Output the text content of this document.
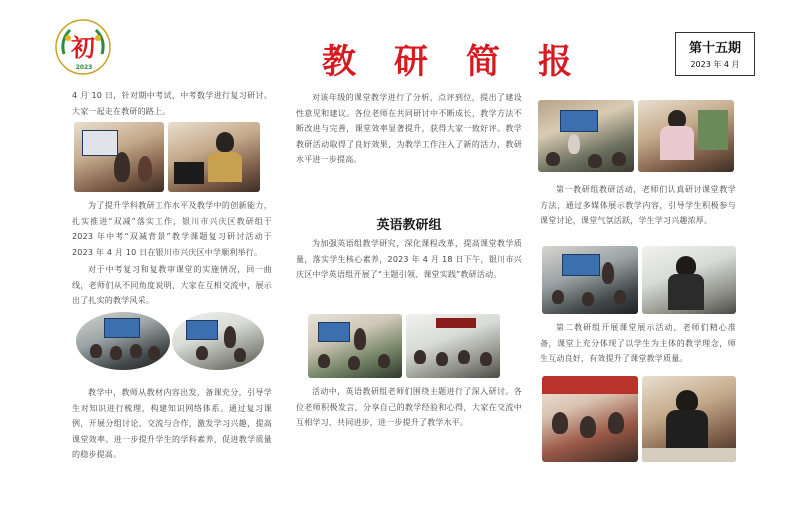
初
2023	教 研 简 报	第十五期
2023 年 4 月
4 月 10 日，针对期中考试，中考数学进行复习研讨。大家一起走在教研的路上。
为了提升学科教研工作水平及教学中的创新能力，扎实推进“双减”落实工作，银川市兴庆区教研组于 2023 年中考“双减背景”教学课题复习研讨活动于 2023 年 4 月 10 日在银川市兴庆区中学顺利举行。
对于中考复习和复教审课堂的实施情况，回一曲线，老师们从不同角度说明，大家在互相交流中，展示出了扎实的教学风采。
教学中，教师从教材内容出发，备课充分，引导学生对知识进行梳理，构建知识网络体系。通过复习课例，开展分组讨论、交流与合作，激发学习兴趣，提高课堂效率。进一步提升学生的学科素养，促进教学质量的稳步提高。
对该年级的课堂教学进行了分析，点评到位，提出了建设性意见和建议。各位老师在共同研讨中不断成长，教学方法不断改进与完善，课堂效率显著提升，获得大家一致好评。教学教研活动取得了良好效果，为教学工作注入了新的活力，教研水平进一步提高。
英语教研组
为加强英语组教学研究，深化课程改革，提高课堂教学质量，落实学生核心素养，2023 年 4 月 18 日下午，银川市兴庆区中学英语组开展了“主题引领、课堂实践”教研活动。
活动中，英语教研组老师们围绕主题进行了深入研讨。各位老师积极发言，分享自己的教学经验和心得，大家在交流中互相学习、共同进步，进一步提升了教学水平。
第一教研组教研活动，老师们认真研讨课堂教学方法，通过多媒体展示教学内容，引导学生积极参与课堂讨论，课堂气氛活跃，学生学习兴趣浓厚。
第二教研组开展课堂展示活动，老师们精心准备，课堂上充分体现了以学生为主体的教学理念，师生互动良好，有效提升了课堂教学质量。
